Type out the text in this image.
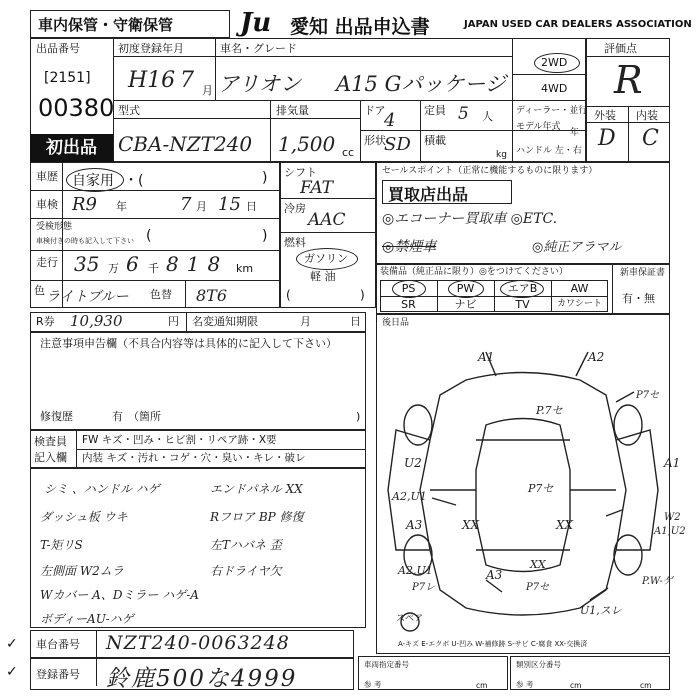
車内保管・守衛保管	Ju 愛知 出品申込書	JAPAN USED CAR DEALERS ASSOCIATION
出品番号
[2151]
00380
初出品
初度登録年月
H16 7 月
車名・グレード
アリオン A15 Gパッケージ
2WD
4WD
評価点
R
外装 内装
D C
型式
CBA-NZT240
排気量
1,500 cc
ドア
4	定員 5 人
形状
SD 積載
kg
ディーラー・並行
モデル年式
年
ハンドル 左・右
車歴 自家用 ・(	)
車検 R9 年	7 月 15 日
受検形態
車検付きの時も記入して下さい (	)
走行 35 万 6 千 818 km
色 ライトブルー 色替 8T6
シフト
FAT
冷房
AAC
燃料
ガソリン
軽 油
(	)
セールスポイント（正常に機能するものに限ります）
買取店出品
◎エコーナー買取車 ◎ETC.
◎禁煙車	◎純正アラマル
装備品（純正品に限り）◎をつけてください）	新車保証書
有・無
PS	PW	エアB	AW
SR	ナビ	TV	カワシート
R券 10,930	円 名変通知期限	月	日
注意事項申告欄（不具合内容等は具体的に記入して下さい）
修復歴	有 （箇所	)
検査員
記入欄
FW キズ・凹み・ヒビ割・リペア跡・X要
内装 キズ・汚れ・コゲ・穴・臭い・キレ・破レ
シミ 、ハンドル ハゲ	エンドパネル XX
ダッシュ板 ウキ	Rフロア BP 修復
T-矩リS	左Tハバネ 歪
左側面 W2ムラ	右ドライヤ欠
Wカバー A、Dミラー ハゲ-A
ボディーAU-ハゲ
後日品
A1	A2
P7セ
P.7セ
U2	A1
A2,U1
P7セ
A3	XX	XX
W2
A1,U2
A2,U1
P7レ
A3	P.W-ゲ
XX
P7セ
U1,スレ
スペア
A-キズ E-エクボ U-凹み W-補修跡 S-サビ C-腐食 XX-交換済
車台番号 NZT240-0063248
登録番号 鈴鹿500な4999
✓
✓	車両指定番号
参 考	cm
類別区分番号
参 考	cm	cm
